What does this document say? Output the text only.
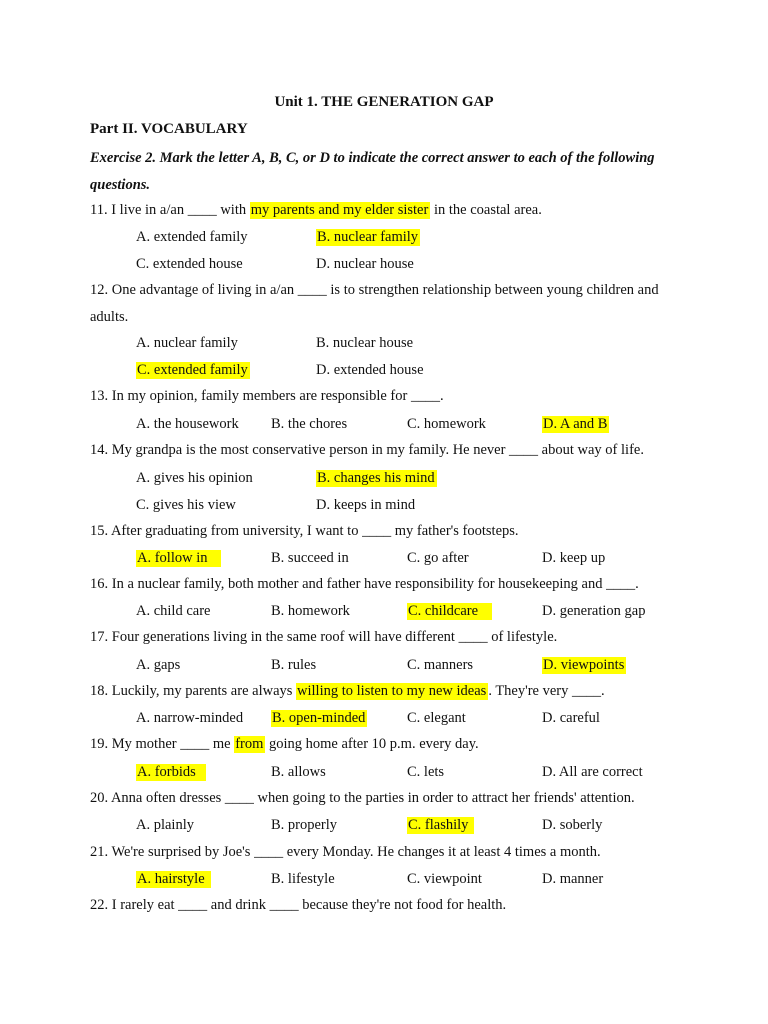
Unit 1. THE GENERATION GAP
Part II. VOCABULARY
Exercise 2. Mark the letter A, B, C, or D to indicate the correct answer to each of the following questions.
11. I live in a/an ____ with my parents and my elder sister in the coastal area.
A. extended family	B. nuclear family
C. extended house	D. nuclear house
12. One advantage of living in a/an ____ is to strengthen relationship between young children and adults.
A. nuclear family	B. nuclear house
C. extended family	D. extended house
13. In my opinion, family members are responsible for ____.
A. the housework B. the chores	C. homework	D. A and B
14. My grandpa is the most conservative person in my family. He never ____ about way of life.
A. gives his opinion	B. changes his mind
C. gives his view	D. keeps in mind
15. After graduating from university, I want to ____ my father's footsteps.
A. follow in	B. succeed in	C. go after	D. keep up
16. In a nuclear family, both mother and father have responsibility for housekeeping and ____.
A. child care	B. homework	C. childcare	D. generation gap
17. Four generations living in the same roof will have different ____ of lifestyle.
A. gaps	B. rules	C. manners	D. viewpoints
18. Luckily, my parents are always willing to listen to my new ideas . They're very ____.
A. narrow-minded B. open-minded	C. elegant	D. careful
19. My mother ____ me from going home after 10 p.m. every day.
A. forbids	B. allows	C. lets	D. All are correct
20. Anna often dresses ____ when going to the parties in order to attract her friends' attention.
A. plainly	B. properly	C. flashily	D. soberly
21. We're surprised by Joe's ____ every Monday. He changes it at least 4 times a month.
A. hairstyle	B. lifestyle	C. viewpoint	D. manner
22. I rarely eat ____ and drink ____ because they're not food for health.
